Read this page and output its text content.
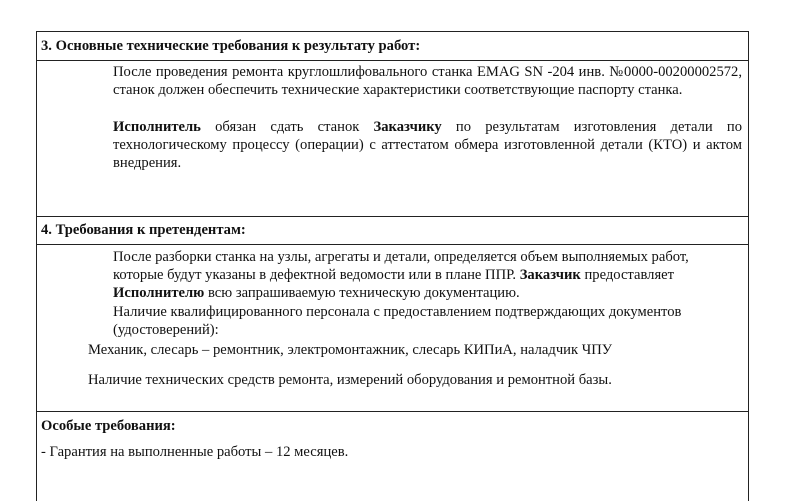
3. Основные технические требования к результату работ:
После проведения ремонта круглошлифовального станка EMAG SN -204 инв. №0000-00200002572, станок должен обеспечить технические характеристики соответствующие паспорту станка.
Исполнитель обязан сдать станок Заказчику по результатам изготовления детали по технологическому процессу (операции) с аттестатом обмера изготовленной детали (КТО) и актом внедрения.
4. Требования к претендентам:
После разборки станка на узлы, агрегаты и детали, определяется объем выполняемых работ, которые будут указаны в дефектной ведомости или в плане ППР. Заказчик предоставляет Исполнителю всю запрашиваемую техническую документацию.
Наличие квалифицированного персонала с предоставлением подтверждающих документов (удостоверений):
Механик, слесарь – ремонтник, электромонтажник, слесарь КИПиА, наладчик ЧПУ
Наличие технических средств ремонта, измерений оборудования и ремонтной базы.
Особые требования:
- Гарантия на выполненные работы – 12 месяцев.
